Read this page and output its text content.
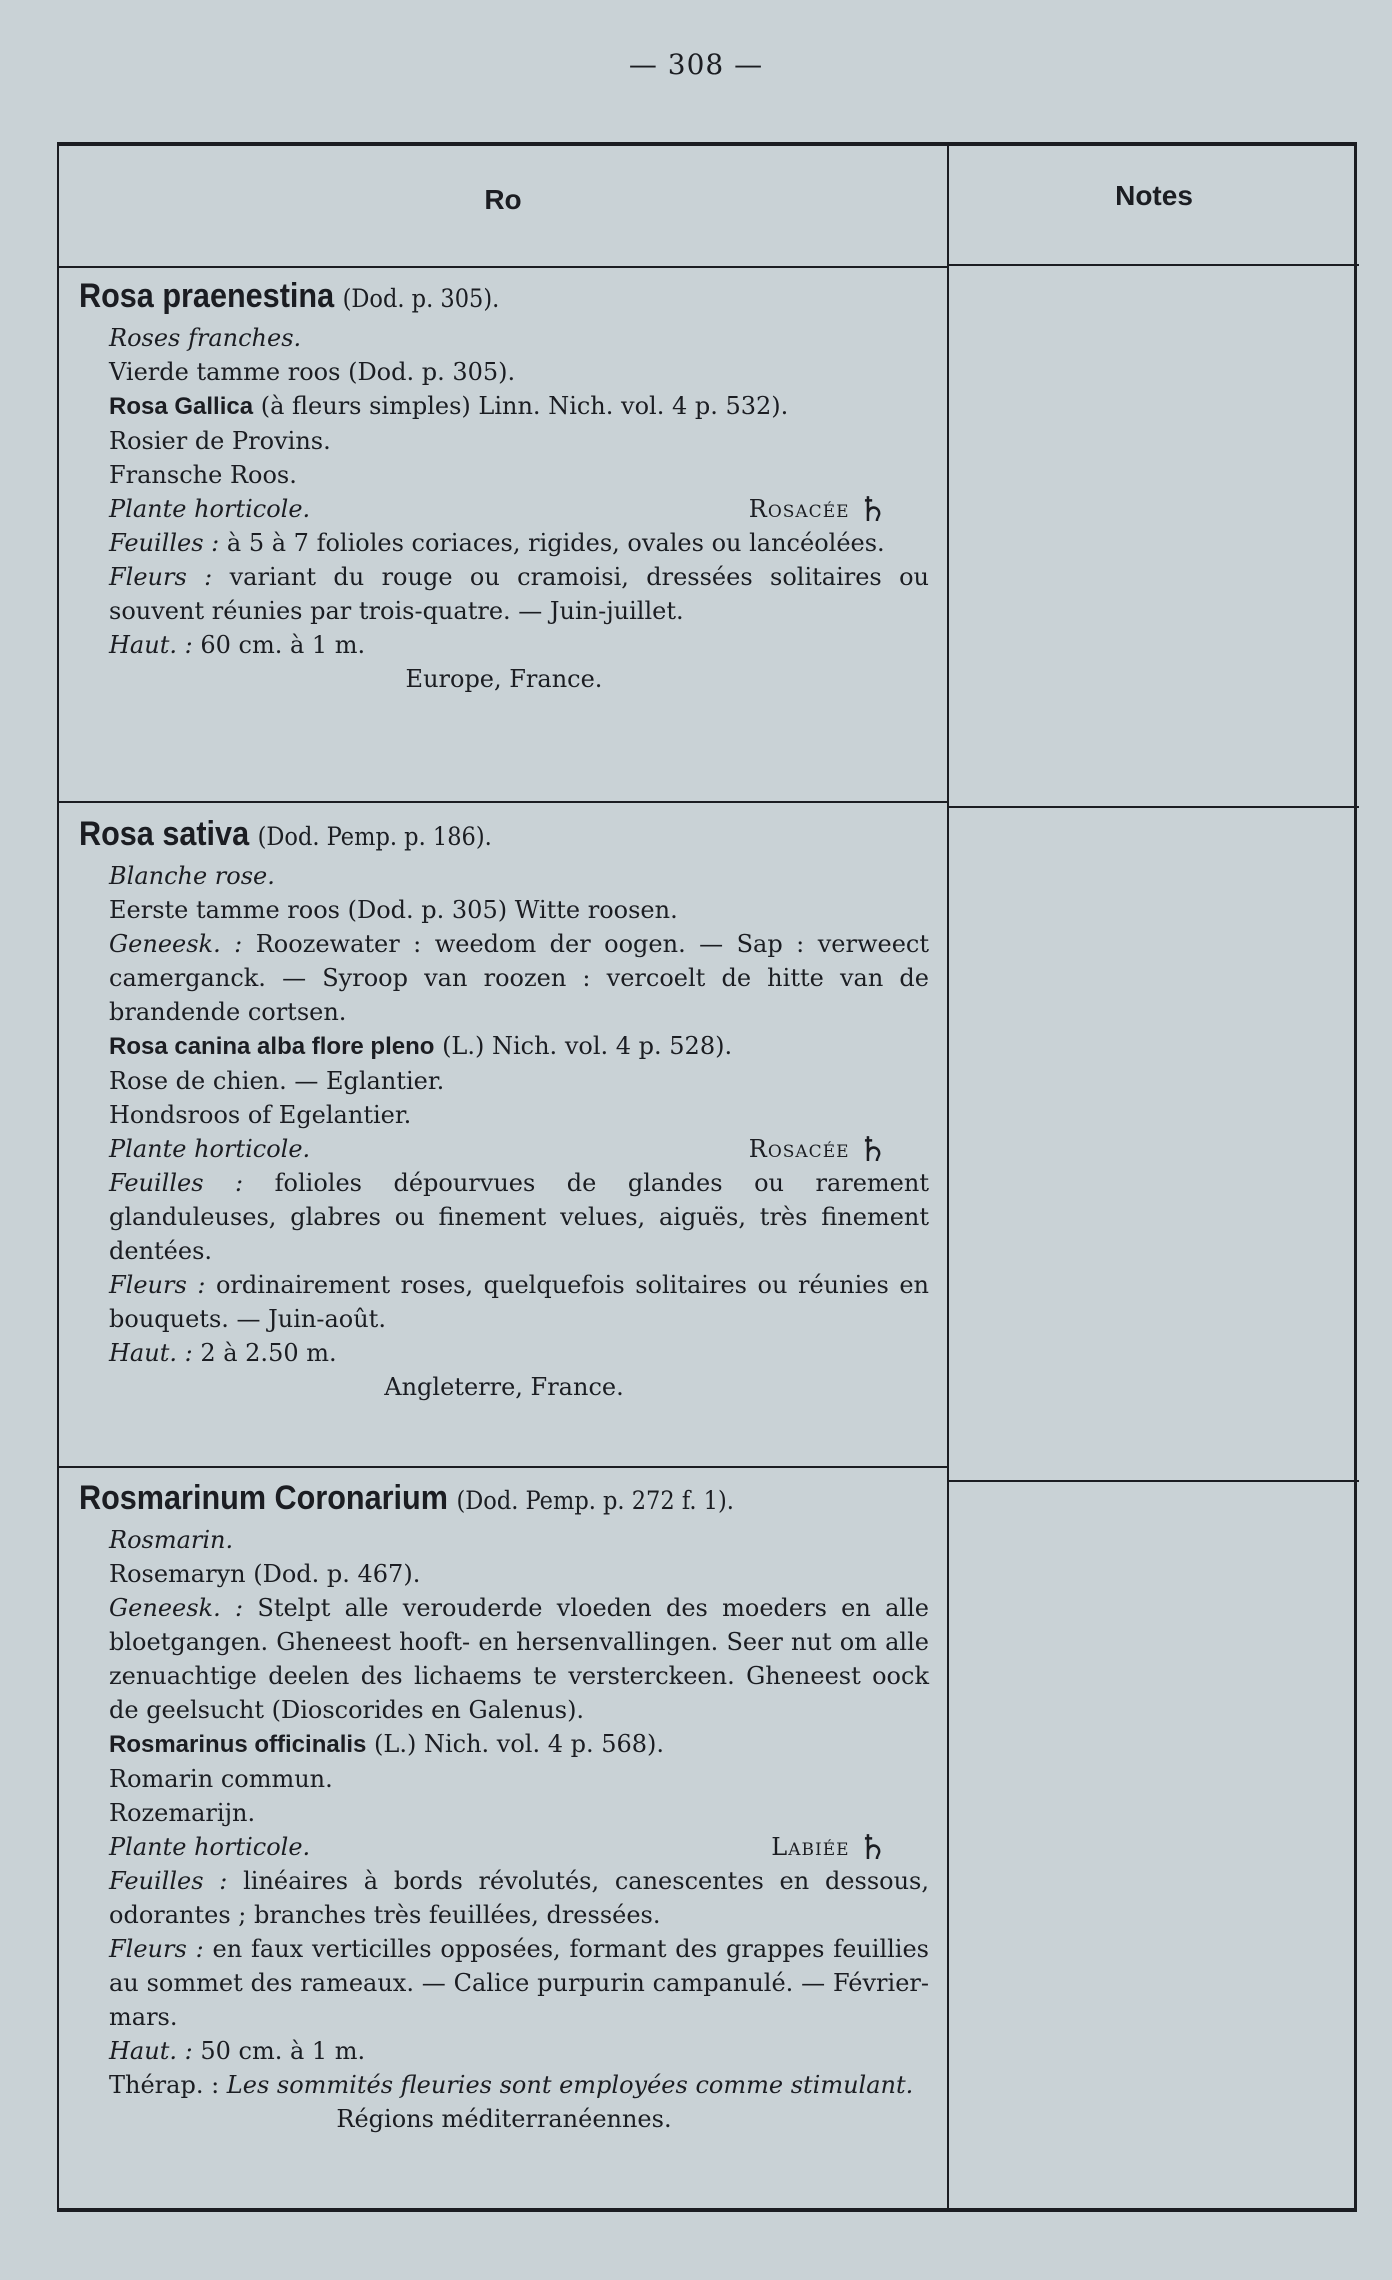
— 308 —
Ro	Notes
Rosa praenestina (Dod. p. 305).
Roses franches.
Vierde tamme roos (Dod. p. 305).
Rosa Gallica (à fleurs simples) Linn. Nich. vol. 4 p. 532).
Rosier de Provins.
Fransche Roos.
Plante horticole.	Rosacée ♄
Feuilles : à 5 à 7 folioles coriaces, rigides, ovales ou lancéolées.
Fleurs : variant du rouge ou cramoisi, dressées solitaires ou souvent réunies par trois-quatre. — Juin-juillet.
Haut. : 60 cm. à 1 m.
Europe, France.
Rosa sativa (Dod. Pemp. p. 186).
Blanche rose.
Eerste tamme roos (Dod. p. 305) Witte roosen.
Geneesk. : Roozewater : weedom der oogen. — Sap : verweect camerganck. — Syroop van roozen : vercoelt de hitte van de brandende cortsen.
Rosa canina alba flore pleno (L.) Nich. vol. 4 p. 528).
Rose de chien. — Eglantier.
Hondsroos of Egelantier.
Plante horticole.	Rosacée ♄
Feuilles : folioles dépourvues de glandes ou rarement glanduleuses, glabres ou finement velues, aiguës, très finement dentées.
Fleurs : ordinairement roses, quelquefois solitaires ou réunies en bouquets. — Juin-août.
Haut. : 2 à 2.50 m.
Angleterre, France.
Rosmarinum Coronarium (Dod. Pemp. p. 272 f. 1).
Rosmarin.
Rosemaryn (Dod. p. 467).
Geneesk. : Stelpt alle verouderde vloeden des moeders en alle bloetgangen. Gheneest hooft- en hersenvallingen. Seer nut om alle zenuachtige deelen des lichaems te versterckeen. Gheneest oock de geelsucht (Dioscorides en Galenus).
Rosmarinus officinalis (L.) Nich. vol. 4 p. 568).
Romarin commun.
Rozemarijn.
Plante horticole.	Labiée ♄
Feuilles : linéaires à bords révolutés, canescentes en dessous, odorantes ; branches très feuillées, dressées.
Fleurs : en faux verticilles opposées, formant des grappes feuillies au sommet des rameaux. — Calice purpurin campanulé. — Février-mars.
Haut. : 50 cm. à 1 m.
Thérap. : Les sommités fleuries sont employées comme stimulant.
Régions méditerranéennes.
